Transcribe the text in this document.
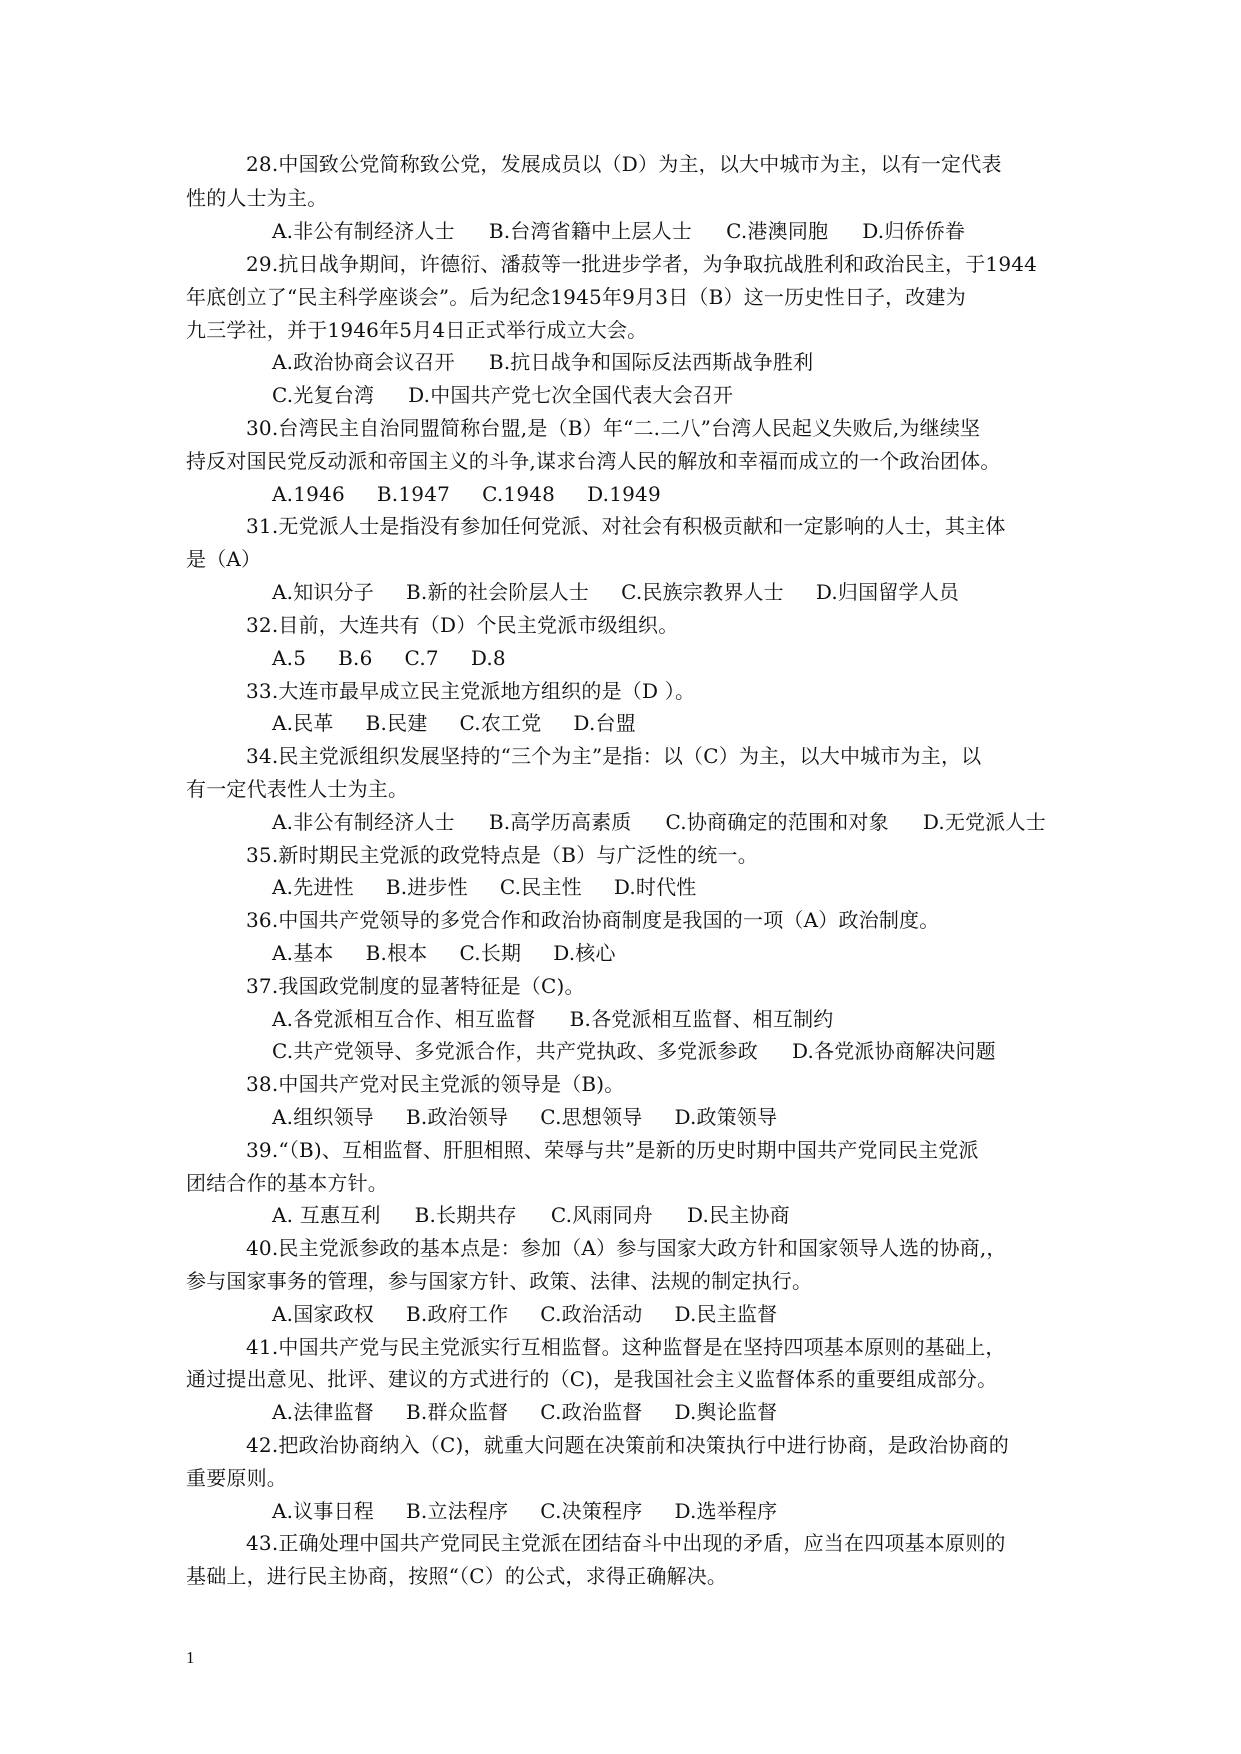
28.中国致公党简称致公党，发展成员以（D）为主，以大中城市为主，以有一定代表
性的人士为主。
A.非公有制经济人士 B.台湾省籍中上层人士 C.港澳同胞 D.归侨侨眷
29.抗日战争期间，许德衍、潘菽等一批进步学者，为争取抗战胜利和政治民主，于1944
年底创立了“民主科学座谈会”。后为纪念1945年9月3日（B）这一历史性日子，改建为
九三学社，并于1946年5月4日正式举行成立大会。
A.政治协商会议召开 B.抗日战争和国际反法西斯战争胜利
C.光复台湾 D.中国共产党七次全国代表大会召开
30.台湾民主自治同盟简称台盟,是（B）年“二.二八”台湾人民起义失败后,为继续坚
持反对国民党反动派和帝国主义的斗争,谋求台湾人民的解放和幸福而成立的一个政治团体。
A.1946 B.1947 C.1948 D.1949
31.无党派人士是指没有参加任何党派、对社会有积极贡献和一定影响的人士，其主体
是（A）
A.知识分子 B.新的社会阶层人士 C.民族宗教界人士 D.归国留学人员
32.目前，大连共有（D）个民主党派市级组织。
A.5 B.6 C.7 D.8
33.大连市最早成立民主党派地方组织的是（D ）。
A.民革 B.民建 C.农工党 D.台盟
34.民主党派组织发展坚持的“三个为主”是指：以（C）为主，以大中城市为主，以
有一定代表性人士为主。
A.非公有制经济人士 B.高学历高素质 C.协商确定的范围和对象 D.无党派人士
35.新时期民主党派的政党特点是（B）与广泛性的统一。
A.先进性 B.进步性 C.民主性 D.时代性
36.中国共产党领导的多党合作和政治协商制度是我国的一项（A）政治制度。
A.基本 B.根本 C.长期 D.核心
37.我国政党制度的显著特征是（C)。
A.各党派相互合作、相互监督 B.各党派相互监督、相互制约
C.共产党领导、多党派合作，共产党执政、多党派参政 D.各党派协商解决问题
38.中国共产党对民主党派的领导是（B)。
A.组织领导 B.政治领导 C.思想领导 D.政策领导
39.“（B)、互相监督、肝胆相照、荣辱与共”是新的历史时期中国共产党同民主党派
团结合作的基本方针。
A. 互惠互利 B.长期共存 C.风雨同舟 D.民主协商
40.民主党派参政的基本点是：参加（A）参与国家大政方针和国家领导人选的协商,，
参与国家事务的管理，参与国家方针、政策、法律、法规的制定执行。
A.国家政权 B.政府工作 C.政治活动 D.民主监督
41.中国共产党与民主党派实行互相监督。这种监督是在坚持四项基本原则的基础上，
通过提出意见、批评、建议的方式进行的（C)，是我国社会主义监督体系的重要组成部分。
A.法律监督 B.群众监督 C.政治监督 D.舆论监督
42.把政治协商纳入（C)，就重大问题在决策前和决策执行中进行协商，是政治协商的
重要原则。
A.议事日程 B.立法程序 C.决策程序 D.选举程序
43.正确处理中国共产党同民主党派在团结奋斗中出现的矛盾，应当在四项基本原则的
基础上，进行民主协商，按照“（C）的公式，求得正确解决。
1
